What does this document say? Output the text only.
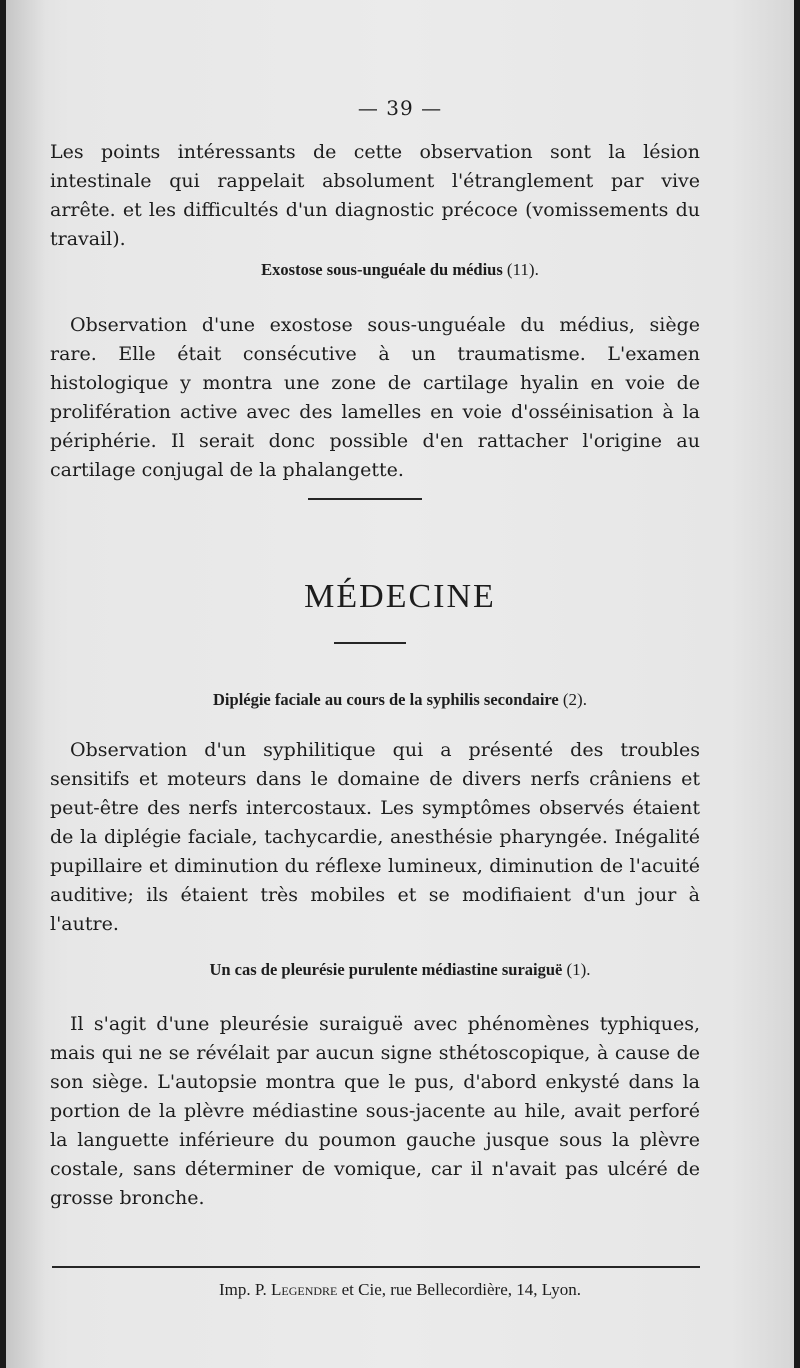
— 39 —

Les points intéressants de cette observation sont la lésion intestinale qui rappelait absolument l'étranglement par vive arrête. et les difficultés d'un diagnostic précoce (vomissements du travail).

Exostose sous-unguéale du médius (11).

Observation d'une exostose sous-unguéale du médius, siège rare. Elle était consécutive à un traumatisme. L'examen histologique y montra une zone de cartilage hyalin en voie de prolifération active avec des lamelles en voie d'osséinisation à la périphérie. Il serait donc possible d'en rattacher l'origine au cartilage conjugal de la phalangette.

MÉDECINE
Diplégie faciale au cours de la syphilis secondaire (2).

Observation d'un syphilitique qui a présenté des troubles sensitifs et moteurs dans le domaine de divers nerfs crâniens et peut-être des nerfs intercostaux. Les symptômes observés étaient de la diplégie faciale, tachycardie, anesthésie pharyngée. Inégalité pupillaire et diminution du réflexe lumineux, diminution de l'acuité auditive; ils étaient très mobiles et se modifiaient d'un jour à l'autre.

Un cas de pleurésie purulente médiastine suraiguë (1).

Il s'agit d'une pleurésie suraiguë avec phénomènes typhiques, mais qui ne se révélait par aucun signe sthétoscopique, à cause de son siège. L'autopsie montra que le pus, d'abord enkysté dans la portion de la plèvre médiastine sous-jacente au hile, avait perforé la languette inférieure du poumon gauche jusque sous la plèvre costale, sans déterminer de vomique, car il n'avait pas ulcéré de grosse bronche.

Imp. P. Legendre et Cie, rue Bellecordière, 14, Lyon.
